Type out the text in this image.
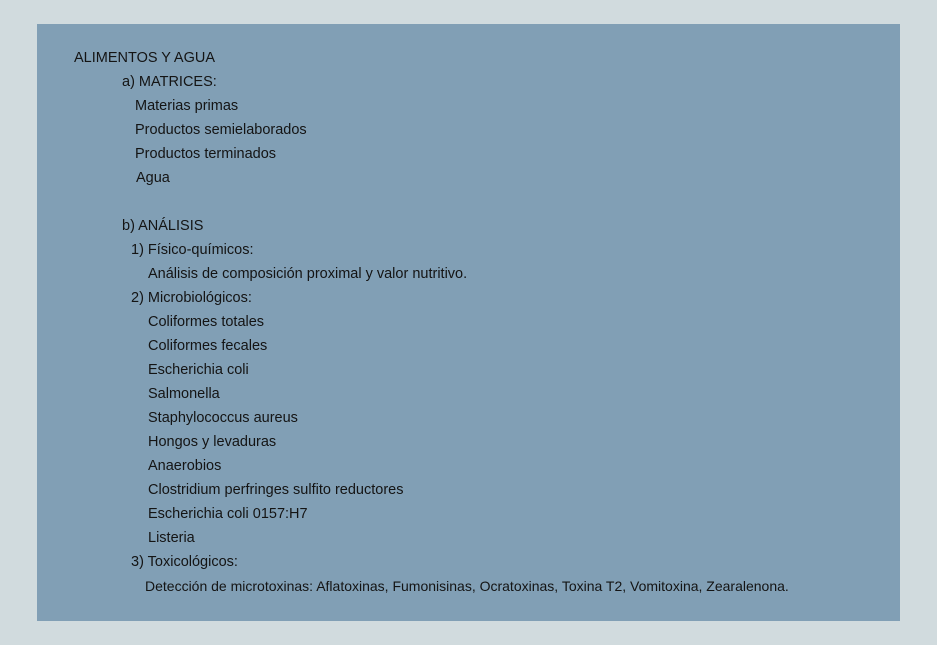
ALIMENTOS Y AGUA
a) MATRICES:
Materias primas
Productos semielaborados
Productos terminados
Agua
b) ANÁLISIS
1) Físico-químicos:
Análisis de composición proximal y valor nutritivo.
2) Microbiológicos:
Coliformes totales
Coliformes fecales
Escherichia coli
Salmonella
Staphylococcus aureus
Hongos y levaduras
Anaerobios
Clostridium perfringes sulfito reductores
Escherichia coli 0157:H7
Listeria
3) Toxicológicos:
Detección de microtoxinas: Aflatoxinas, Fumonisinas, Ocratoxinas, Toxina T2, Vomitoxina, Zearalenona.
